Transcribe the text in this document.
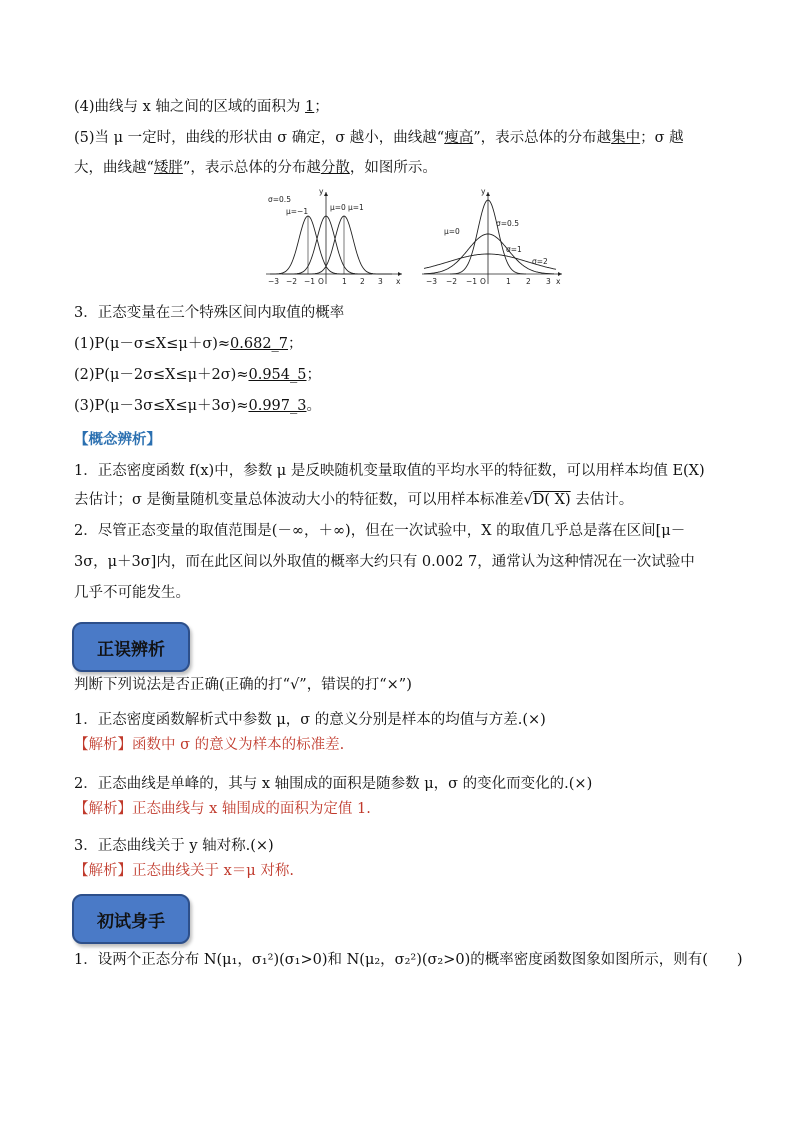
(4)曲线与 x 轴之间的区域的面积为 1；
(5)当 μ 一定时，曲线的形状由 σ 确定，σ 越小，曲线越“瘦高”，表示总体的分布越集中；σ 越
大，曲线越“矮胖”，表示总体的分布越分散，如图所示。
σ=0.5
μ=−1	μ=0 μ=1
y
x
O
−3 −2 −1	1 2 3
μ=0
σ=0.5
σ=1
σ=2
y
x
O
−3 −2 −1	1 2 3
3．正态变量在三个特殊区间内取值的概率
(1)P(μ－σ≤X≤μ＋σ)≈0.682_7；
(2)P(μ－2σ≤X≤μ＋2σ)≈0.954_5；
(3)P(μ－3σ≤X≤μ＋3σ)≈0.997_3。
【概念辨析】
1．正态密度函数 f(x)中，参数 μ 是反映随机变量取值的平均水平的特征数，可以用样本均值 E(X)
去估计；σ 是衡量随机变量总体波动大小的特征数，可以用样本标准差√D( X) 去估计。
2．尽管正态变量的取值范围是(－∞，＋∞)，但在一次试验中，X 的取值几乎总是落在区间[μ－
3σ，μ＋3σ]内，而在此区间以外取值的概率大约只有 0.002 7，通常认为这种情况在一次试验中
几乎不可能发生。
正误辨析
判断下列说法是否正确(正确的打“√”，错误的打“×”)
1．正态密度函数解析式中参数 μ，σ 的意义分别是样本的均值与方差.(×)
【解析】函数中 σ 的意义为样本的标准差.
2．正态曲线是单峰的，其与 x 轴围成的面积是随参数 μ，σ 的变化而变化的.(×)
【解析】正态曲线与 x 轴围成的面积为定值 1.
3．正态曲线关于 y 轴对称.(×)
【解析】正态曲线关于 x＝μ 对称.
初试身手
1．设两个正态分布 N(μ₁，σ₁²)(σ₁>0)和 N(μ₂，σ₂²)(σ₂>0)的概率密度函数图象如图所示，则有(　　)
